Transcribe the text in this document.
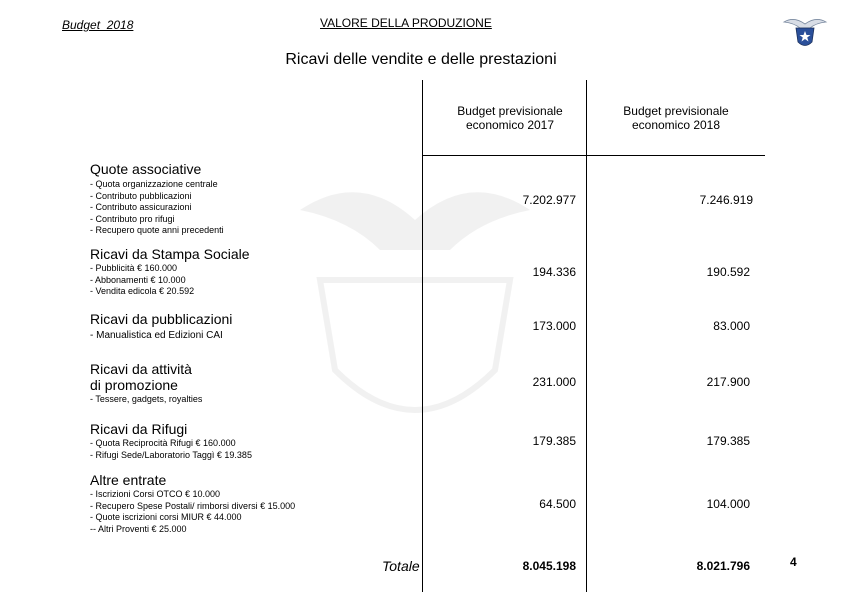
Budget_2018	VALORE DELLA PRODUZIONE
Ricavi delle vendite e delle prestazioni
Budget previsionale
economico 2017
Budget previsionale
economico 2018
Quote associative
- Quota organizzazione centrale
- Contributo pubblicazioni
- Contributo assicurazioni
- Contributo pro rifugi
- Recupero quote anni precedenti
7.202.977	7.246.919
Ricavi da Stampa Sociale
- Pubblicità € 160.000
- Abbonamenti € 10.000
- Vendita edicola € 20.592
194.336	190.592
Ricavi da pubblicazioni
- Manualistica ed Edizioni CAI
173.000	83.000
Ricavi da attività
di promozione
- Tessere, gadgets, royalties
231.000	217.900
Ricavi da Rifugi
- Quota Reciprocità Rifugi € 160.000
- Rifugi Sede/Laboratorio Taggì € 19.385
179.385	179.385
Altre entrate
- Iscrizioni Corsi OTCO € 10.000
- Recupero Spese Postali/ rimborsi diversi € 15.000
- Quote iscrizioni corsi MIUR € 44.000
-- Altri Proventi € 25.000
64.500	104.000
Totale	8.045.198	8.021.796	4
